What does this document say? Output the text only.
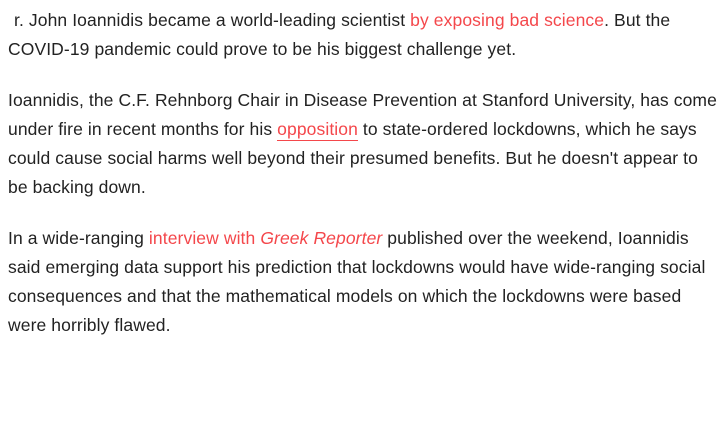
r. John Ioannidis became a world-leading scientist by exposing bad science. But the COVID-19 pandemic could prove to be his biggest challenge yet.

Ioannidis, the C.F. Rehnborg Chair in Disease Prevention at Stanford University, has come under fire in recent months for his opposition to state-ordered lockdowns, which he says could cause social harms well beyond their presumed benefits. But he doesn't appear to be backing down.

In a wide-ranging interview with Greek Reporter published over the weekend, Ioannidis said emerging data support his prediction that lockdowns would have wide-ranging social consequences and that the mathematical models on which the lockdowns were based were horribly flawed.
